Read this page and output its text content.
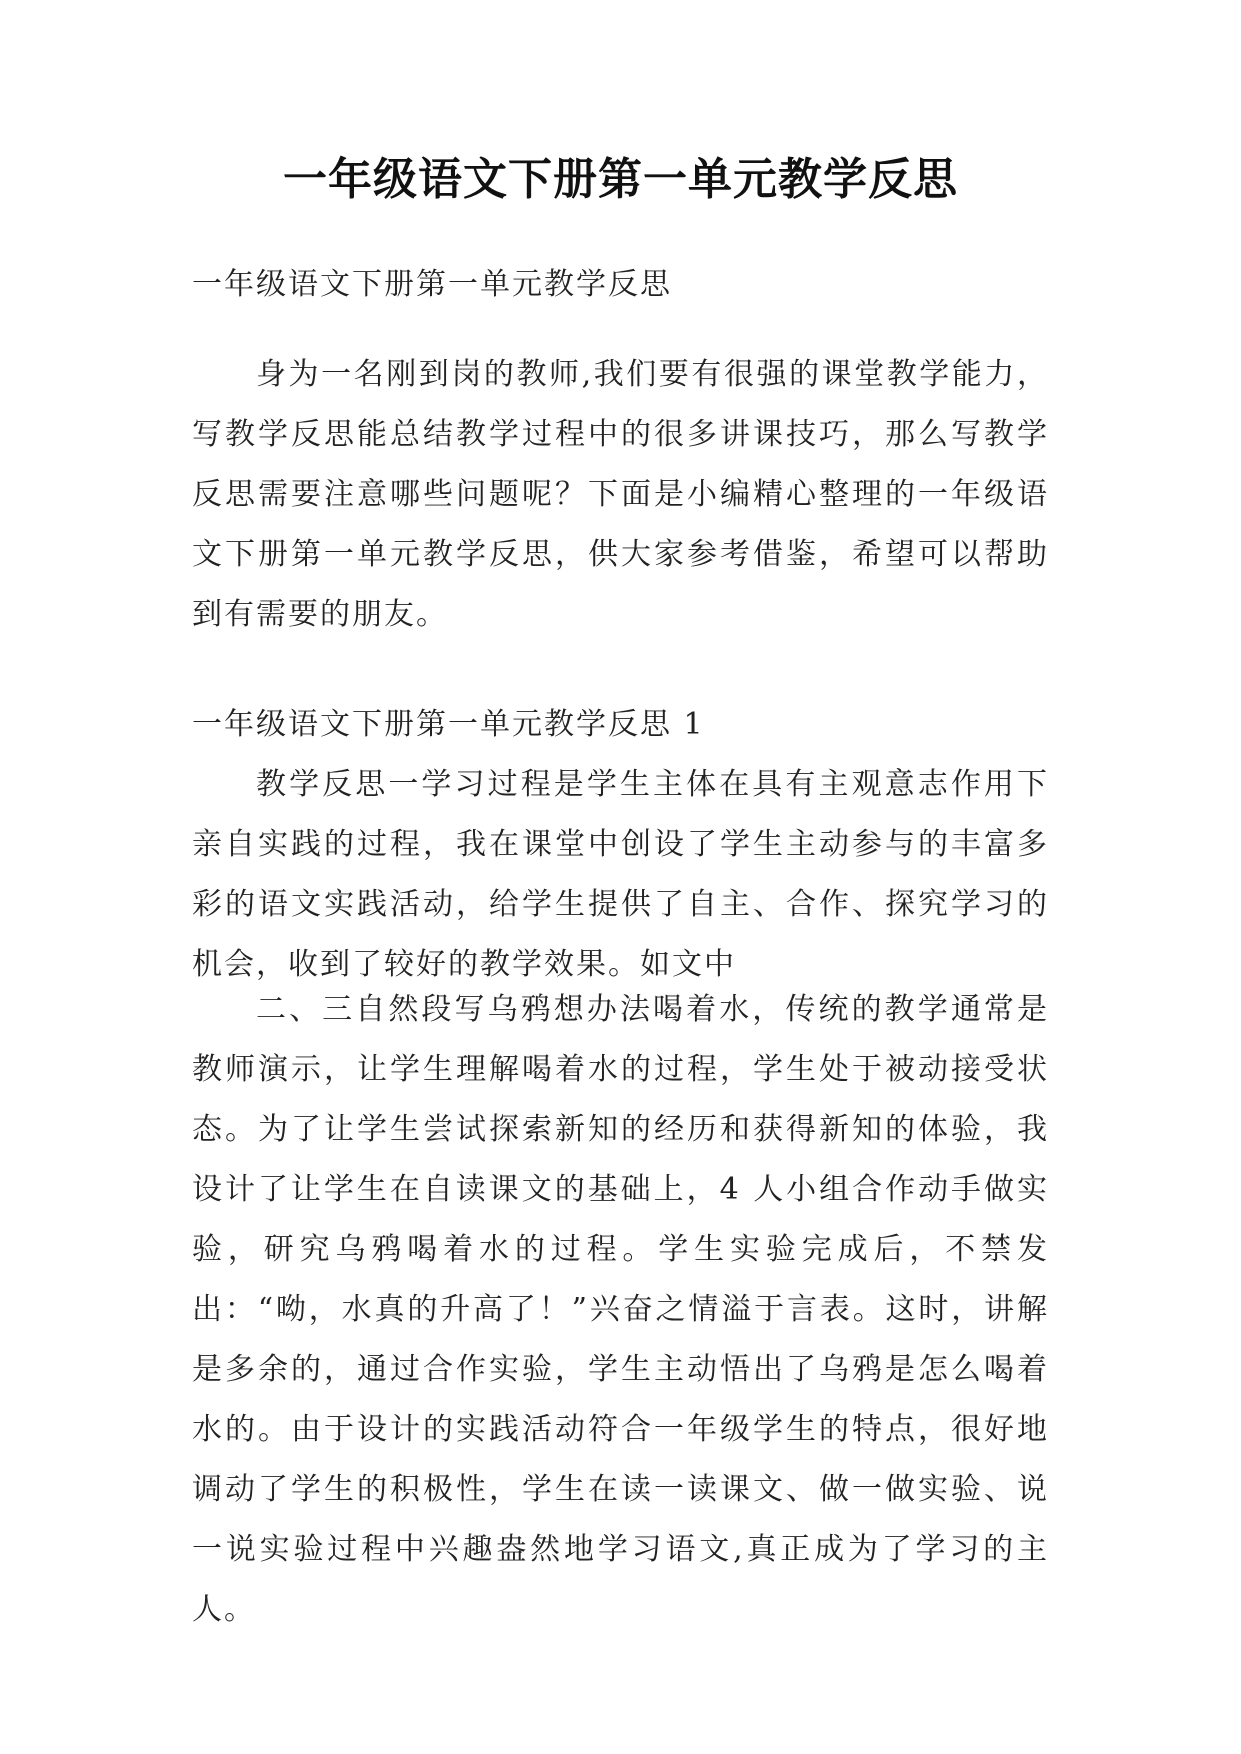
一年级语文下册第一单元教学反思

一年级语文下册第一单元教学反思

身为一名刚到岗的教师,我们要有很强的课堂教学能力，写教学反思能总结教学过程中的很多讲课技巧，那么写教学反思需要注意哪些问题呢？下面是小编精心整理的一年级语文下册第一单元教学反思，供大家参考借鉴，希望可以帮助到有需要的朋友。

一年级语文下册第一单元教学反思 1

教学反思一学习过程是学生主体在具有主观意志作用下亲自实践的过程，我在课堂中创设了学生主动参与的丰富多彩的语文实践活动，给学生提供了自主、合作、探究学习的机会，收到了较好的教学效果。如文中

二、三自然段写乌鸦想办法喝着水，传统的教学通常是教师演示，让学生理解喝着水的过程，学生处于被动接受状态。为了让学生尝试探索新知的经历和获得新知的体验，我设计了让学生在自读课文的基础上，4 人小组合作动手做实验，研究乌鸦喝着水的过程。学生实验完成后，不禁发出：“呦，水真的升高了！”兴奋之情溢于言表。这时，讲解是多余的，通过合作实验，学生主动悟出了乌鸦是怎么喝着水的。由于设计的实践活动符合一年级学生的特点，很好地调动了学生的积极性，学生在读一读课文、做一做实验、说一说实验过程中兴趣盎然地学习语文,真正成为了学习的主人。
